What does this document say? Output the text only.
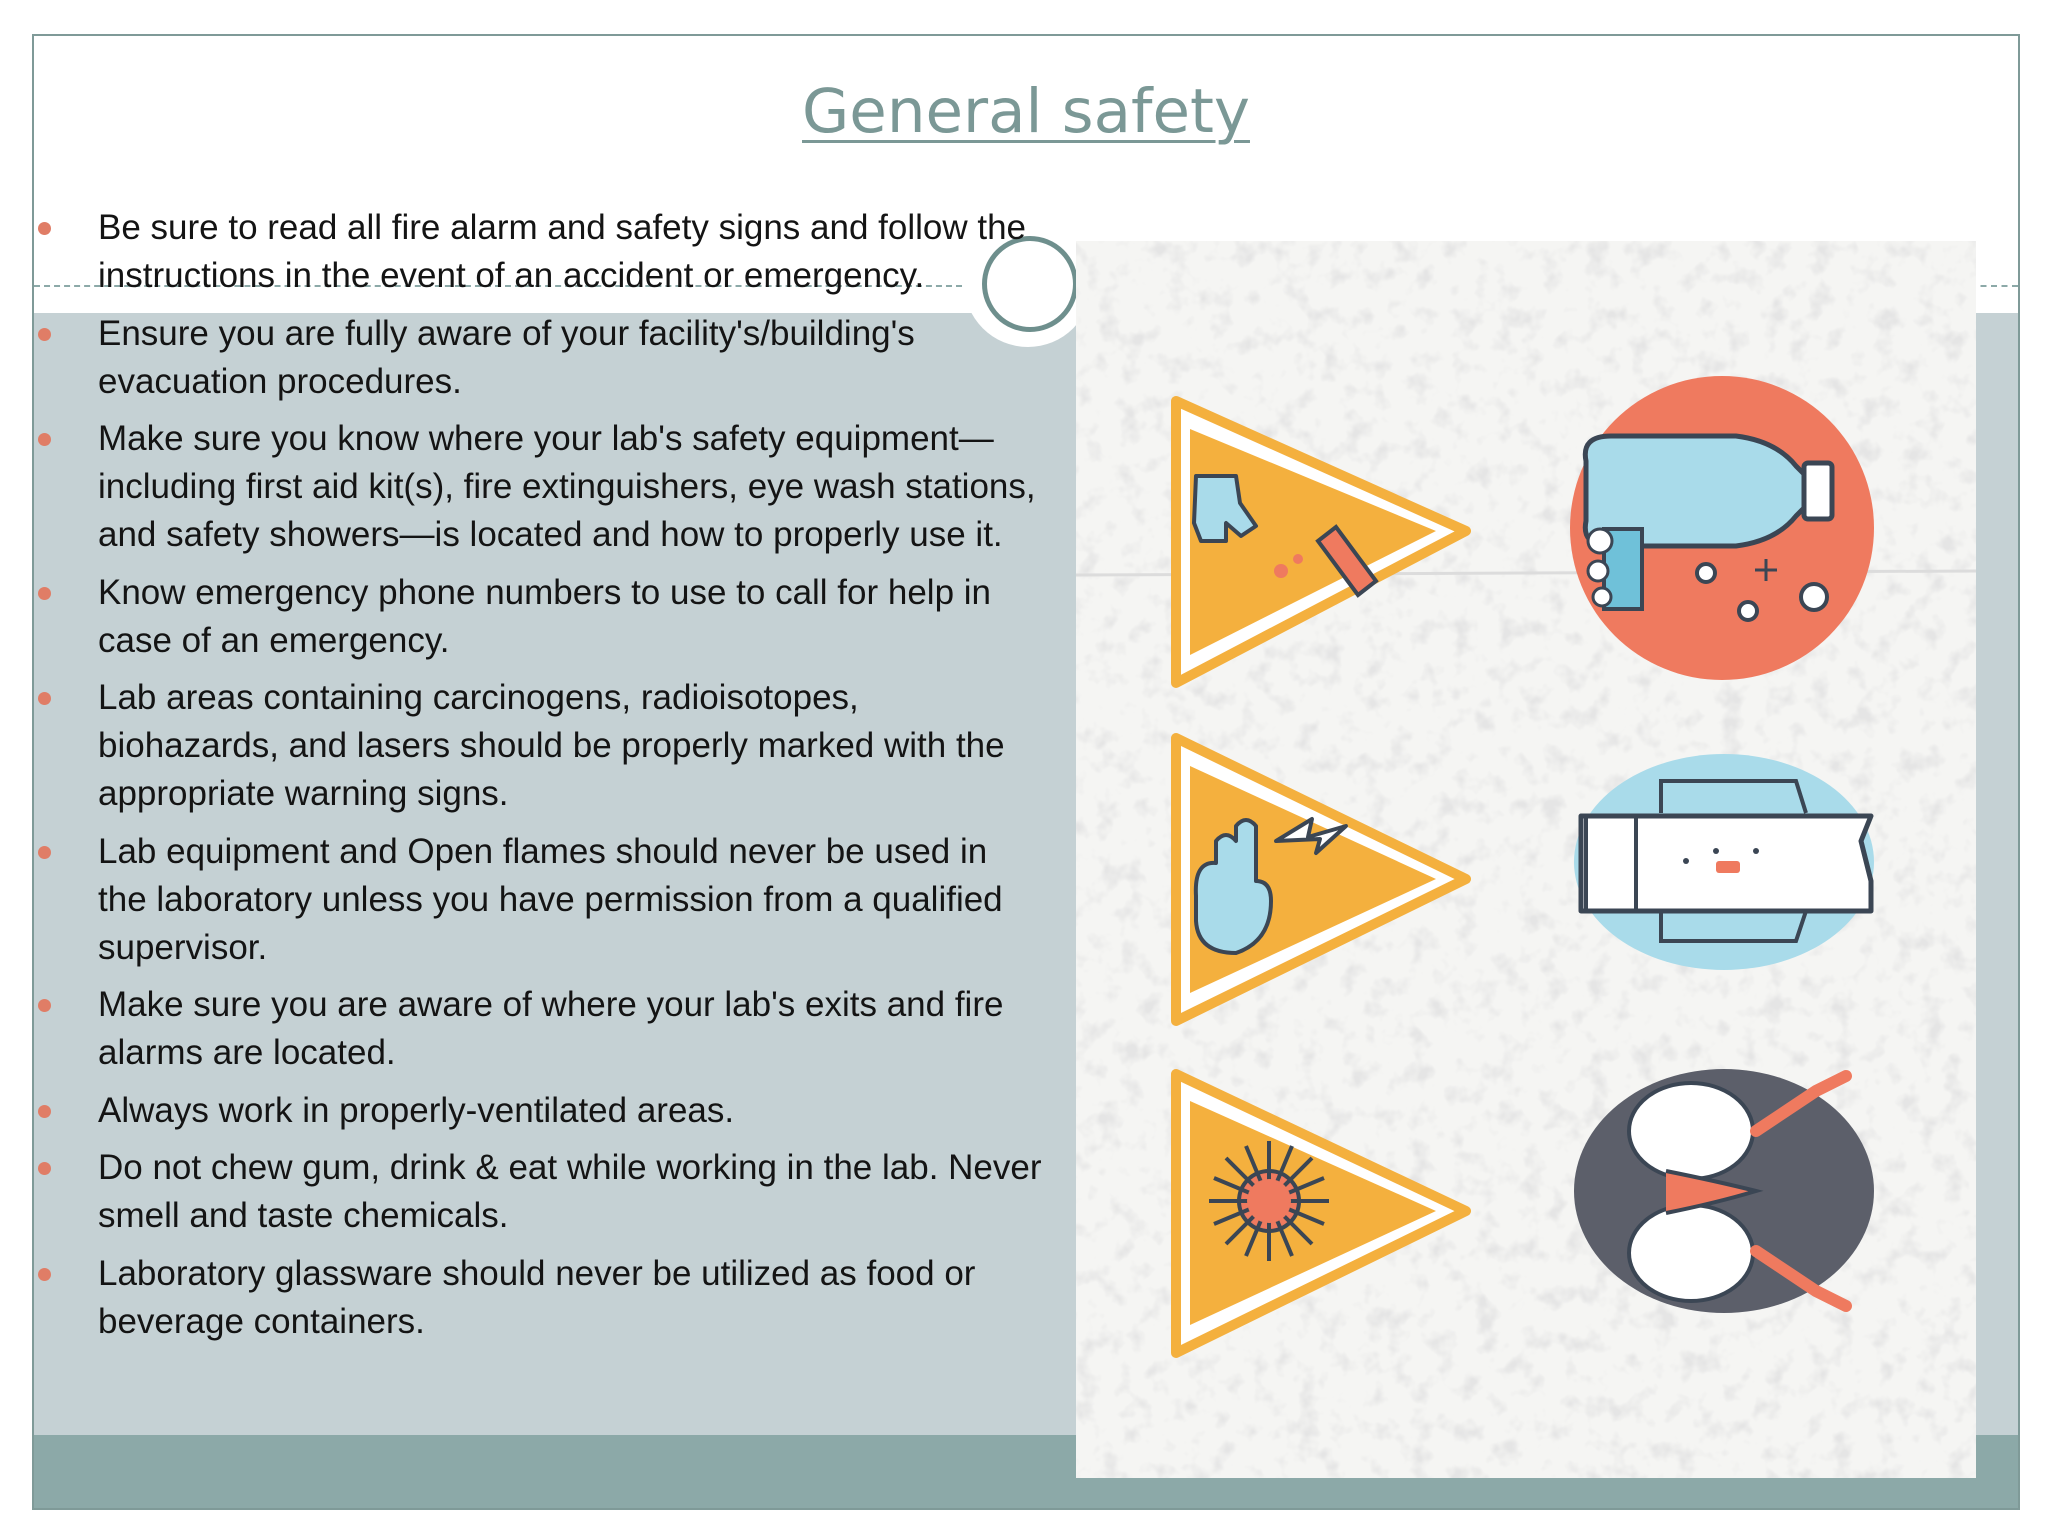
General safety
Be sure to read all fire alarm and safety signs and follow the instructions in the event of an accident or emergency.
Ensure you are fully aware of your facility's/building's evacuation procedures.
Make sure you know where your lab's safety equipment—including first aid kit(s), fire extinguishers, eye wash stations, and safety showers—is located and how to properly use it.
Know emergency phone numbers to use to call for help in case of an emergency.
Lab areas containing carcinogens, radioisotopes, biohazards, and lasers should be properly marked with the appropriate warning signs.
Lab equipment and Open flames should never be used in the laboratory unless you have permission from a qualified supervisor.
Make sure you are aware of where your lab's exits and fire alarms are located.
Always work in properly-ventilated areas.
Do not chew gum, drink & eat while working in the lab. Never smell and taste chemicals.
Laboratory glassware should never be utilized as food or beverage containers.
